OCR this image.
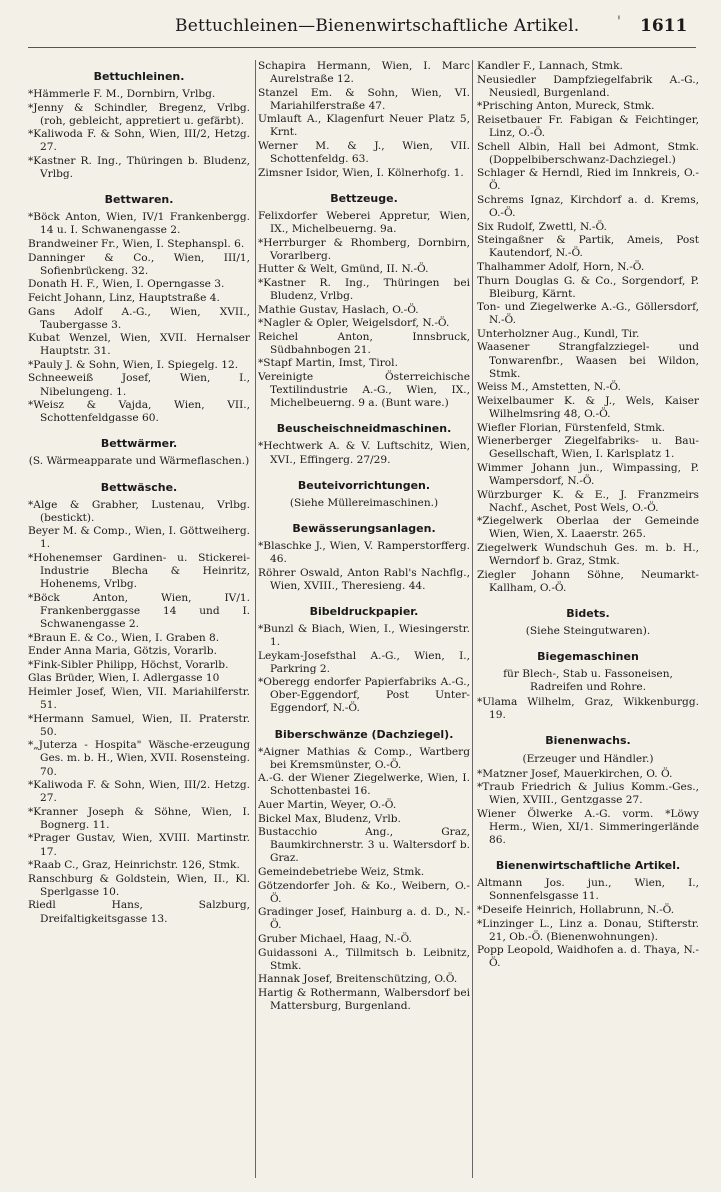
Bettuchleinen—Bienenwirtschaftliche Artikel.	' 1611
Bettuchleinen.
*Hämmerle F. M., Dornbirn, Vrlbg.
*Jenny & Schindler, Bregenz, Vrlbg. (roh, gebleicht, appretiert u. gefärbt).
*Kaliwoda F. & Sohn, Wien, III/2, Hetzg. 27.
*Kastner R. Ing., Thüringen b. Bludenz, Vrlbg.
Bettwaren.
*Böck Anton, Wien, IV/1 Frankenbergg. 14 u. I. Schwanengasse 2.
Brandweiner Fr., Wien, I. Stephanspl. 6.
Danninger & Co., Wien, III/1, Sofienbrückeng. 32.
Donath H. F., Wien, I. Operngasse 3.
Feicht Johann, Linz, Hauptstraße 4.
Gans Adolf A.-G., Wien, XVII., Taubergasse 3.
Kubat Wenzel, Wien, XVII. Hernalser Hauptstr. 31.
*Pauly J. & Sohn, Wien, I. Spiegelg. 12.
Schneeweiß Josef, Wien, I., Nibelungeng. 1.
*Weisz & Vajda, Wien, VII., Schottenfeldgasse 60.
Bettwärmer.
(S. Wärmeapparate und Wärmeflaschen.)
Bettwäsche.
*Alge & Grabher, Lustenau, Vrlbg. (bestickt).
Beyer M. & Comp., Wien, I. Göttweiherg. 1.
*Hohenemser Gardinen- u. Stickerei-Industrie Blecha & Heinritz, Hohenems, Vrlbg.
*Böck Anton, Wien, IV/1. Frankenberggasse 14 und I. Schwanengasse 2.
*Braun E. & Co., Wien, I. Graben 8.
Ender Anna Maria, Götzis, Vorarlb.
*Fink-Sibler Philipp, Höchst, Vorarlb.
Glas Brüder, Wien, I. Adlergasse 10
Heimler Josef, Wien, VII. Mariahilferstr. 51.
*Hermann Samuel, Wien, II. Praterstr. 50.
*„Juterza - Hospita" Wäsche-erzeugung Ges. m. b. H., Wien, XVII. Rosensteing. 70.
*Kaliwoda F. & Sohn, Wien, III/2. Hetzg. 27.
*Kranner Joseph & Söhne, Wien, I. Bognerg. 11.
*Prager Gustav, Wien, XVIII. Martinstr. 17.
*Raab C., Graz, Heinrichstr. 126, Stmk.
Ranschburg & Goldstein, Wien, II., Kl. Sperlgasse 10.
Riedl Hans, Salzburg, Dreifaltigkeitsgasse 13.
Schapira Hermann, Wien, I. Marc Aurelstraße 12.
Stanzel Em. & Sohn, Wien, VI. Mariahilferstraße 47.
Umlauft A., Klagenfurt Neuer Platz 5, Krnt.
Werner M. & J., Wien, VII. Schottenfeldg. 63.
Zimsner Isidor, Wien, I. Kölnerhofg. 1.
Bettzeuge.
Felixdorfer Weberei Appretur, Wien, IX., Michelbeuerng. 9a.
*Herrburger & Rhomberg, Dornbirn, Vorarlberg.
Hutter & Welt, Gmünd, II. N.-Ö.
*Kastner R. Ing., Thüringen bei Bludenz, Vrlbg.
Mathie Gustav, Haslach, O.-Ö.
*Nagler & Opler, Weigelsdorf, N.-Ö.
Reichel Anton, Innsbruck, Südbahnbogen 21.
*Stapf Martin, Imst, Tirol.
Vereinigte Österreichische Textilindustrie A.-G., Wien, IX., Michelbeuerng. 9 a. (Bunt ware.)
Beuscheischneidmaschinen.
*Hechtwerk A. & V. Luftschitz, Wien, XVI., Effingerg. 27/29.
Beuteivorrichtungen.
(Siehe Müllereimaschinen.)
Bewässerungsanlagen.
*Blaschke J., Wien, V. Ramperstorfferg. 46.
Röhrer Oswald, Anton Rabl's Nachflg., Wien, XVIII., Theresieng. 44.
Bibeldruckpapier.
*Bunzl & Biach, Wien, I., Wiesingerstr. 1.
Leykam-Josefsthal A.-G., Wien, I., Parkring 2.
*Oberegg endorfer Papierfabriks A.-G., Ober-Eggendorf, Post Unter-Eggendorf, N.-Ö.
Biberschwänze (Dachziegel).
*Aigner Mathias & Comp., Wartberg bei Kremsmünster, O.-Ö.
A.-G. der Wiener Ziegelwerke, Wien, I. Schottenbastei 16.
Auer Martin, Weyer, O.-Ö.
Bickel Max, Bludenz, Vrlb.
Bustacchio Ang., Graz, Baumkirchnerstr. 3 u. Waltersdorf b. Graz.
Gemeindebetriebe Weiz, Stmk.
Götzendorfer Joh. & Ko., Weibern, O.-Ö.
Gradinger Josef, Hainburg a. d. D., N.-Ö.
Gruber Michael, Haag, N.-Ö.
Guidassoni A., Tillmitsch b. Leibnitz, Stmk.
Hannak Josef, Breitenschützing, O.Ö.
Hartig & Rothermann, Walbersdorf bei Mattersburg, Burgenland.
Kandler F., Lannach, Stmk.
Neusiedler Dampfziegelfabrik A.-G., Neusiedl, Burgenland.
*Prisching Anton, Mureck, Stmk.
Reisetbauer Fr. Fabigan & Feichtinger, Linz, O.-Ö.
Schell Albin, Hall bei Admont, Stmk. (Doppelbiberschwanz-Dachziegel.)
Schlager & Herndl, Ried im Innkreis, O.-Ö.
Schrems Ignaz, Kirchdorf a. d. Krems, O.-Ö.
Six Rudolf, Zwettl, N.-Ö.
Steingaßner & Partik, Ameis, Post Kautendorf, N.-Ö.
Thalhammer Adolf, Horn, N.-Ö.
Thurn Douglas G. & Co., Sorgendorf, P. Bleiburg, Kärnt.
Ton- und Ziegelwerke A.-G., Göllersdorf, N.-Ö.
Unterholzner Aug., Kundl, Tir.
Waasener Strangfalzziegel- und Tonwarenfbr., Waasen bei Wildon, Stmk.
Weiss M., Amstetten, N.-Ö.
Weixelbaumer K. & J., Wels, Kaiser Wilhelmsring 48, O.-Ö.
Wiefler Florian, Fürstenfeld, Stmk.
Wienerberger Ziegelfabriks- u. Bau-Gesellschaft, Wien, I. Karlsplatz 1.
Wimmer Johann jun., Wimpassing, P. Wampersdorf, N.-Ö.
Würzburger K. & E., J. Franzmeirs Nachf., Aschet, Post Wels, O.-Ö.
*Ziegelwerk Oberlaa der Gemeinde Wien, Wien, X. Laaerstr. 265.
Ziegelwerk Wundschuh Ges. m. b. H., Werndorf b. Graz, Stmk.
Ziegler Johann Söhne, Neumarkt-Kallham, O.-Ö.
Bidets.
(Siehe Steingutwaren).
Biegemaschinen
für Blech-, Stab u. Fassoneisen, Radreifen und Rohre.
*Ulama Wilhelm, Graz, Wikkenburgg. 19.
Bienenwachs.
(Erzeuger und Händler.)
*Matzner Josef, Mauerkirchen, O. Ö.
*Traub Friedrich & Julius Komm.-Ges., Wien, XVIII., Gentzgasse 27.
Wiener Ölwerke A.-G. vorm. *Löwy Herm., Wien, XI/1. Simmeringerlände 86.
Bienenwirtschaftliche Artikel.
Altmann Jos. jun., Wien, I., Sonnenfelsgasse 11.
*Deseife Heinrich, Hollabrunn, N.-Ö.
*Linzinger L., Linz a. Donau, Stifterstr. 21, Ob.-Ö. (Bienenwohnungen).
Popp Leopold, Waidhofen a. d. Thaya, N.-Ö.
